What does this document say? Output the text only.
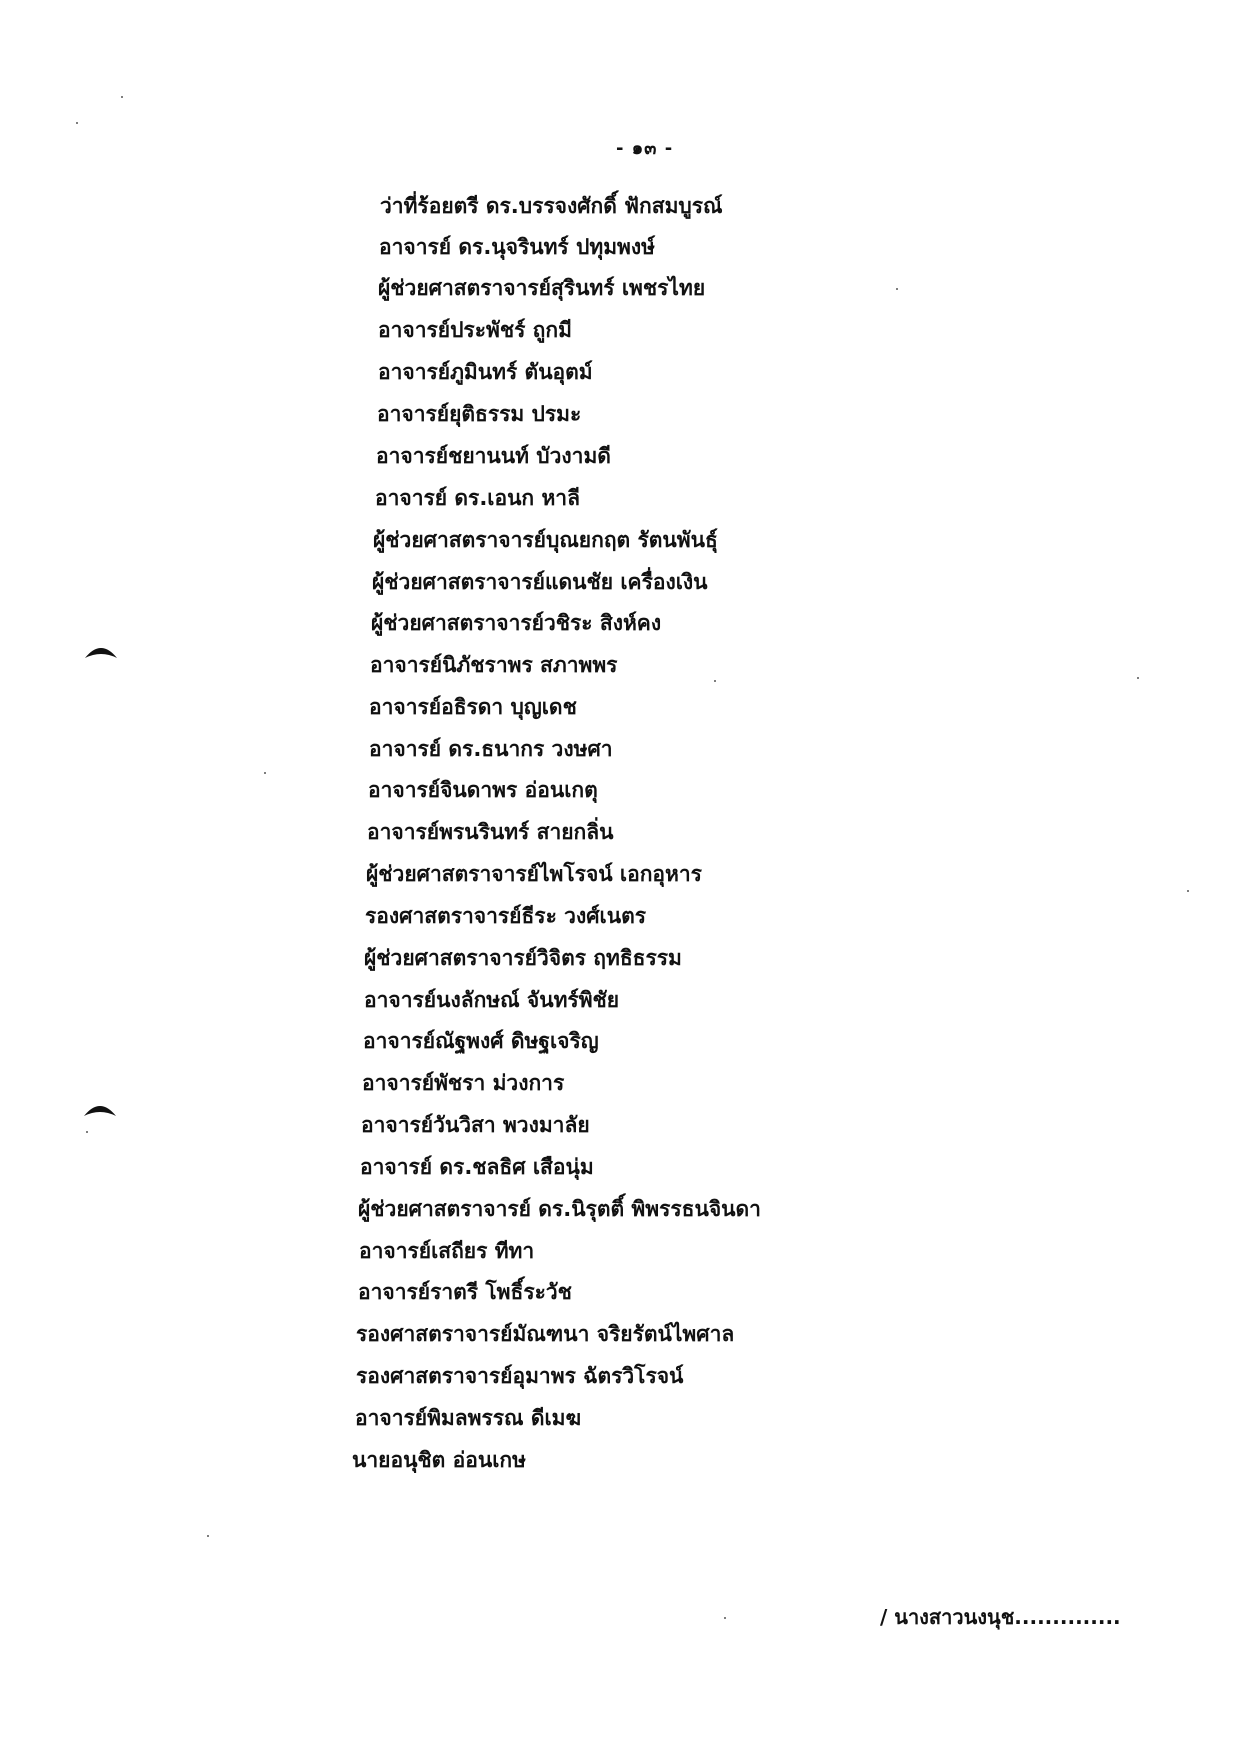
- ๑๓ -
ว่าที่ร้อยตรี ดร.บรรจงศักดิ์ ฟักสมบูรณ์
อาจารย์ ดร.นุจรินทร์ ปทุมพงษ์
ผู้ช่วยศาสตราจารย์สุรินทร์ เพชรไทย
อาจารย์ประพัชร์ ถูกมี
อาจารย์ภูมินทร์ ตันอุตม์
อาจารย์ยุติธรรม ปรมะ
อาจารย์ชยานนท์ บัวงามดี
อาจารย์ ดร.เอนก หาลี
ผู้ช่วยศาสตราจารย์บุณยกฤต รัตนพันธุ์
ผู้ช่วยศาสตราจารย์แดนชัย เครื่องเงิน
ผู้ช่วยศาสตราจารย์วชิระ สิงห์คง
อาจารย์นิภัชราพร สภาพพร
อาจารย์อธิรดา บุญเดช
อาจารย์ ดร.ธนากร วงษศา
อาจารย์จินดาพร อ่อนเกตุ
อาจารย์พรนรินทร์ สายกลิ่น
ผู้ช่วยศาสตราจารย์ไพโรจน์ เอกอุหาร
รองศาสตราจารย์ธีระ วงศ์เนตร
ผู้ช่วยศาสตราจารย์วิจิตร ฤทธิธรรม
อาจารย์นงลักษณ์ จันทร์พิชัย
อาจารย์ณัฐพงศ์ ดิษฐเจริญ
อาจารย์พัชรา ม่วงการ
อาจารย์วันวิสา พวงมาลัย
อาจารย์ ดร.ชลธิศ เสือนุ่ม
ผู้ช่วยศาสตราจารย์ ดร.นิรุตติ์ พิพรรธนจินดา
อาจารย์เสถียร ทีทา
อาจารย์ราตรี โพธิ์ระวัช
รองศาสตราจารย์มัณฑนา จริยรัตน์ไพศาล
รองศาสตราจารย์อุมาพร ฉัตรวิโรจน์
อาจารย์พิมลพรรณ ดีเมฆ
นายอนุชิต อ่อนเกษ
/ นางสาวนงนุช..............
